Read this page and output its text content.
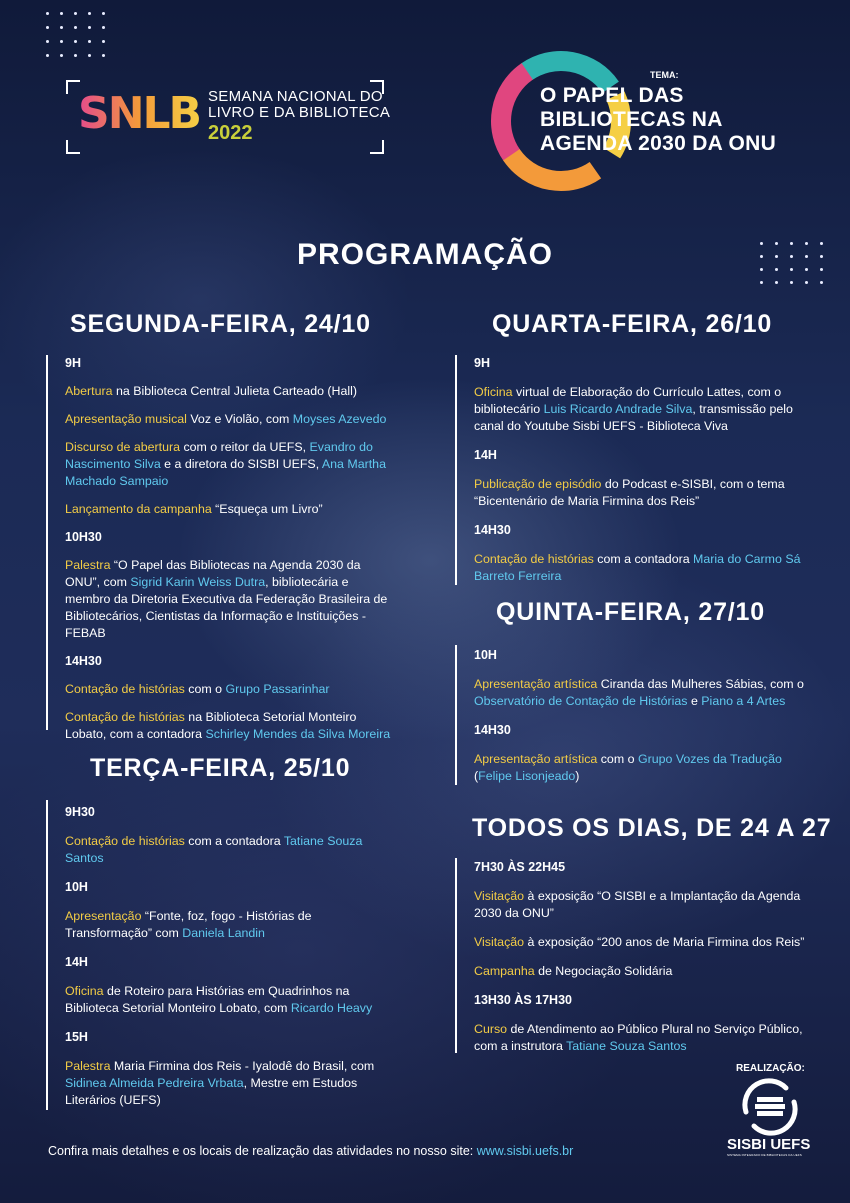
SNLB SEMANA NACIONAL DO
LIVRO E DA BIBLIOTECA
2022
TEMA:
O PAPEL DAS
BIBLIOTECAS NA
AGENDA 2030 DA ONU
PROGRAMAÇÃO
SEGUNDA-FEIRA, 24/10

9H

Abertura na Biblioteca Central Julieta Carteado (Hall)

Apresentação musical Voz e Violão, com Moyses Azevedo

Discurso de abertura com o reitor da UEFS, Evandro do Nascimento Silva e a diretora do SISBI UEFS, Ana Martha Machado Sampaio

Lançamento da campanha “Esqueça um Livro”

10H30

Palestra “O Papel das Bibliotecas na Agenda 2030 da ONU”, com Sigrid Karin Weiss Dutra, bibliotecária e membro da Diretoria Executiva da Federação Brasileira de Bibliotecários, Cientistas da Informação e Instituições - FEBAB

14H30

Contação de histórias com o Grupo Passarinhar

Contação de histórias na Biblioteca Setorial Monteiro Lobato, com a contadora Schirley Mendes da Silva Moreira

TERÇA-FEIRA, 25/10

9H30

Contação de histórias com a contadora Tatiane Souza Santos

10H

Apresentação “Fonte, foz, fogo - Histórias de Transformação” com Daniela Landin

14H

Oficina de Roteiro para Histórias em Quadrinhos na Biblioteca Setorial Monteiro Lobato, com Ricardo Heavy

15H

Palestra Maria Firmina dos Reis - Iyalodê do Brasil, com Sidinea Almeida Pedreira Vrbata, Mestre em Estudos Literários (UEFS)

QUARTA-FEIRA, 26/10

9H

Oficina virtual de Elaboração do Currículo Lattes, com o bibliotecário Luis Ricardo Andrade Silva, transmissão pelo canal do Youtube Sisbi UEFS - Biblioteca Viva

14H

Publicação de episódio do Podcast e-SISBI, com o tema “Bicentenário de Maria Firmina dos Reis”

14H30

Contação de histórias com a contadora Maria do Carmo Sá Barreto Ferreira

QUINTA-FEIRA, 27/10

10H

Apresentação artística Ciranda das Mulheres Sábias, com o Observatório de Contação de Histórias e Piano a 4 Artes

14H30

Apresentação artística com o Grupo Vozes da Tradução (Felipe Lisonjeado)

TODOS OS DIAS, DE 24 A 27

7H30 ÀS 22H45

Visitação à exposição “O SISBI e a Implantação da Agenda 2030 da ONU”

Visitação à exposição “200 anos de Maria Firmina dos Reis”

Campanha de Negociação Solidária

13H30 ÀS 17H30

Curso de Atendimento ao Público Plural no Serviço Público, com a instrutora Tatiane Souza Santos

REALIZAÇÃO:
SISBI UEFS
SISTEMA INTEGRADO DE BIBLIOTECAS DA UEFS
Confira mais detalhes e os locais de realização das atividades no nosso site: www.sisbi.uefs.br
